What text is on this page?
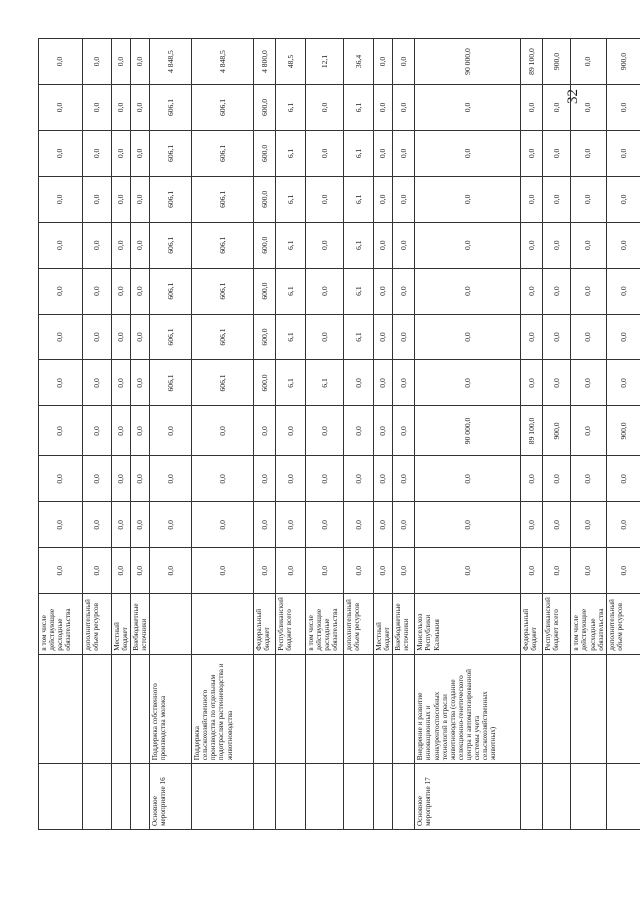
		в том числе действующие расходные обязательства	0,0	0,0	0,0	0,0	0,0	0,0	0,0	0,0	0,0	0,0	0,0	0,0
		дополнительный объем ресурсов	0,0	0,0	0,0	0,0	0,0	0,0	0,0	0,0	0,0	0,0	0,0	0,0
		Местный бюджет	0,0	0,0	0,0	0,0	0,0	0,0	0,0	0,0	0,0	0,0	0,0	0,0
		Внебюджетные источники	0,0	0,0	0,0	0,0	0,0	0,0	0,0	0,0	0,0	0,0	0,0	0,0
Основное мероприятие 16	Поддержка собственного производства молока		0,0	0,0	0,0	0,0	606,1	606,1	606,1	606,1	606,1	606,1	606,1	4 848,5
	Поддержка сельскохозяйственного производства по отдельным подотраслям растениеводства и животноводства		0,0	0,0	0,0	0,0	606,1	606,1	606,1	606,1	606,1	606,1	606,1	4 848,5
		Федеральный бюджет	0,0	0,0	0,0	0,0	600,0	600,0	600,0	600,0	600,0	600,0	600,0	4 800,0
		Республиканский бюджет всего	0,0	0,0	0,0	0,0	6,1	6,1	6,1	6,1	6,1	6,1	6,1	48,5
		в том числе действующие расходные обязательства	0,0	0,0	0,0	0,0	6,1	0,0	0,0	0,0	0,0	0,0	0,0	12,1
		дополнительный объем ресурсов	0,0	0,0	0,0	0,0	0,0	6,1	6,1	6,1	6,1	6,1	6,1	36,4
		Местный бюджет	0,0	0,0	0,0	0,0	0,0	0,0	0,0	0,0	0,0	0,0	0,0	0,0
		Внебюджетные источники	0,0	0,0	0,0	0,0	0,0	0,0	0,0	0,0	0,0	0,0	0,0	0,0
Основное мероприятие 17	Внедрение и развитие инновационных и конкурентоспособных технологий в отрасли животноводства (создание селекционно-генетического центра и автоматизированной системы учета сельскохозяйственных животных)	Минсельхоз Республики Калмыкия	0,0	0,0	0,0	90 000,0	0,0	0,0	0,0	0,0	0,0	0,0	0,0	90 000,0
		Федеральный бюджет	0,0	0,0	0,0	89 100,0	0,0	0,0	0,0	0,0	0,0	0,0	0,0	89 100,0
		Республиканский бюджет всего	0,0	0,0	0,0	900,0	0,0	0,0	0,0	0,0	0,0	0,0	0,0	900,0
		в том числе действующие расходные обязательства	0,0	0,0	0,0	0,0	0,0	0,0	0,0	0,0	0,0	0,0	0,0	0,0
		дополнительный объем ресурсов	0,0	0,0	0,0	900,0	0,0	0,0	0,0	0,0	0,0	0,0	0,0	900,0
32
